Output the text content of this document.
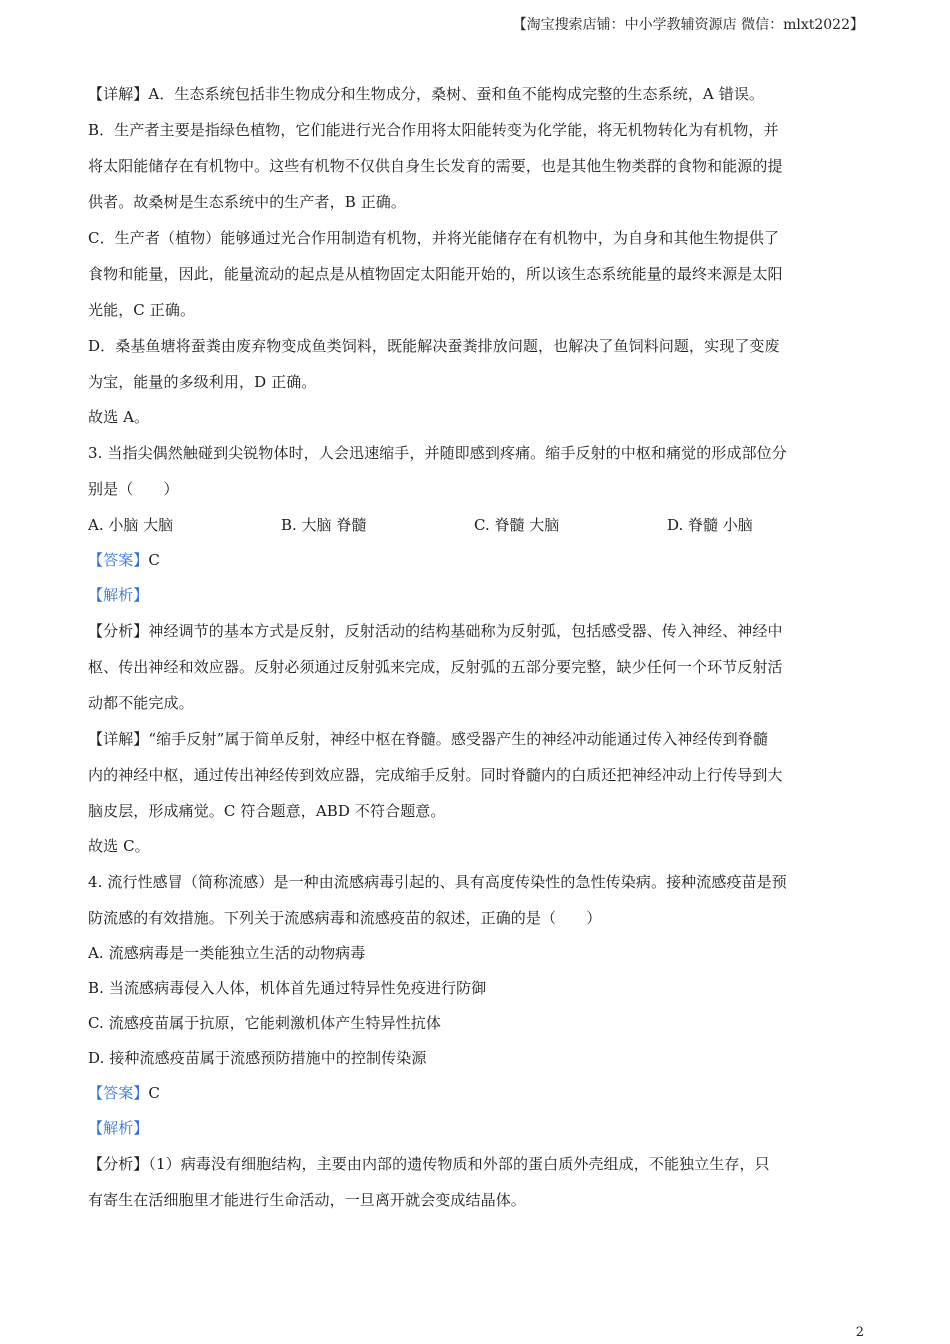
【淘宝搜索店铺：中小学教辅资源店 微信：mlxt2022】

【详解】A．生态系统包括非生物成分和生物成分，桑树、蚕和鱼不能构成完整的生态系统，A 错误。

B．生产者主要是指绿色植物，它们能进行光合作用将太阳能转变为化学能，将无机物转化为有机物，并

将太阳能储存在有机物中。这些有机物不仅供自身生长发育的需要，也是其他生物类群的食物和能源的提

供者。故桑树是生态系统中的生产者，B 正确。

C．生产者（植物）能够通过光合作用制造有机物，并将光能储存在有机物中，为自身和其他生物提供了

食物和能量，因此，能量流动的起点是从植物固定太阳能开始的，所以该生态系统能量的最终来源是太阳

光能，C 正确。

D．桑基鱼塘将蚕粪由废弃物变成鱼类饲料，既能解决蚕粪排放问题，也解决了鱼饲料问题，实现了变废

为宝，能量的多级利用，D 正确。

故选 A。

3. 当指尖偶然触碰到尖锐物体时，人会迅速缩手，并随即感到疼痛。缩手反射的中枢和痛觉的形成部位分

别是（　　）

A. 小脑 大脑	B. 大脑 脊髓	C. 脊髓 大脑	D. 脊髓 小脑

【答案】C

【解析】

【分析】神经调节的基本方式是反射，反射活动的结构基础称为反射弧，包括感受器、传入神经、神经中

枢、传出神经和效应器。反射必须通过反射弧来完成，反射弧的五部分要完整，缺少任何一个环节反射活

动都不能完成。

【详解】“缩手反射”属于简单反射，神经中枢在脊髓。感受器产生的神经冲动能通过传入神经传到脊髓

内的神经中枢，通过传出神经传到效应器，完成缩手反射。同时脊髓内的白质还把神经冲动上行传导到大

脑皮层，形成痛觉。C 符合题意，ABD 不符合题意。

故选 C。

4. 流行性感冒（简称流感）是一种由流感病毒引起的、具有高度传染性的急性传染病。接种流感疫苗是预

防流感的有效措施。下列关于流感病毒和流感疫苗的叙述，正确的是（　　）

A. 流感病毒是一类能独立生活的动物病毒

B. 当流感病毒侵入人体，机体首先通过特异性免疫进行防御

C. 流感疫苗属于抗原，它能刺激机体产生特异性抗体

D. 接种流感疫苗属于流感预防措施中的控制传染源

【答案】C

【解析】

【分析】（1）病毒没有细胞结构，主要由内部的遗传物质和外部的蛋白质外壳组成，不能独立生存，只

有寄生在活细胞里才能进行生命活动，一旦离开就会变成结晶体。

2
